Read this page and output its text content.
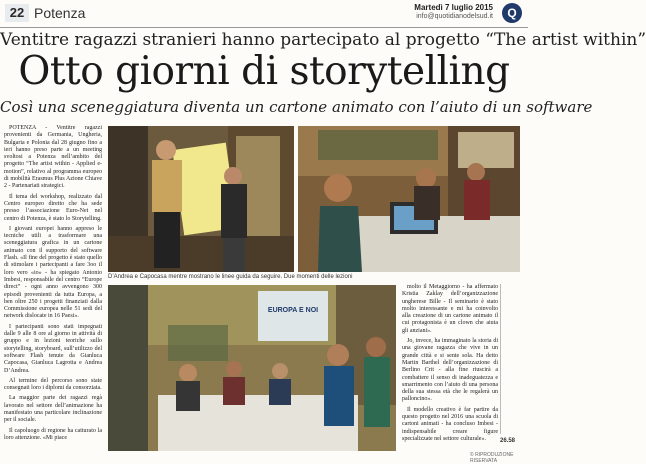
22 Potenza	Martedì 7 luglio 2015
info@quotidianodelsud.it	Q
Ventitre ragazzi stranieri hanno partecipato al progetto “The artist within”
Otto giorni di storytelling
Così una sceneggiatura diventa un cartone animato con l’aiuto di un software

POTENZA - Ventitre ragazzi provenienti da Germania, Ungheria, Bulgaria e Polonia dal 28 giugno fino a ieri hanno preso parte a un meeting svoltosi a Potenza nell’ambito del progetto “The artist within - Applied e-motion”, relativo al programma europeo di mobilità Erasmus Plus Azione Chiave 2 - Partenariati strategici.

Il tema del workshop, realizzato dal Centro europeo diretto che ha sede presso l’associazione Euro-Net nel centro di Potenza, è stato lo Storytelling.

I giovani europei hanno appreso le tecniche utili a trasformare una sceneggiatura grafica in un cartone animato con il supporto del software Flash. «Il fine del progetto è stato quello di stimolare i partecipanti a fare 3oo il loro vero «io» - ha spiegato Antonio Imbesi, responsabile del centro “Europe direct” - ogni anno avvengono 300 episodi provenienti da tutta Europa, a ben oltre 250 i progetti finanziati dalla Commissione europea nelle 51 sedi del network dislocate in 16 Paesi».

I partecipanti sono stati impegnati dalle 9 alle 8 ore al giorno in attività di gruppo e in lezioni teoriche sullo storytelling, storyboard, sull’utilizzo del software Flash tenute da Gianluca Capocasa, Gianluca Lagrotta e Andrea D’Andrea.

Al termine del percorso sono state consegnati loro i diplomi da consorziata.

La maggior parte dei ragazzi regà lavorato nel settore dell’animazione ha manifestato una particolare inclinazione per il sociale.

Il capoluogo di regione ha catturato la loro attenzione. «Mi piace

D’Andrea e Capocasa mentre mostrano le linee guida da seguire. Due momenti delle lezioni
EUROPA E NOI

molto il Metaggiorno - ha affermato Kristia Zaklay dell’organizzazione ungherese Bille - Il seminario è stato molto interessante e mi ha coinvolto alla creazione di un cartone animato il cui protagonista è un clown che aiuta gli anziani».

Jo, invece, ha immaginato la storia di una giovane ragazza che vive in un grande città e si sente sola. Ha detto Martin Barthel dell’organizzazione di Berlino Crit - alla fine riuscirà a combattere il senso di inadeguatezza e smarrimento con l’aiuto di una persona della sua stessa età che le regalerà un palloncino».

Il modello creativo è far partire da questo progetto nel 2016 una scuola di cartoni animati - ha concluso Imbesi - indispensabile creare figure specializzate nel settore culturale».	26.58
© RIPRODUZIONE RISERVATA
